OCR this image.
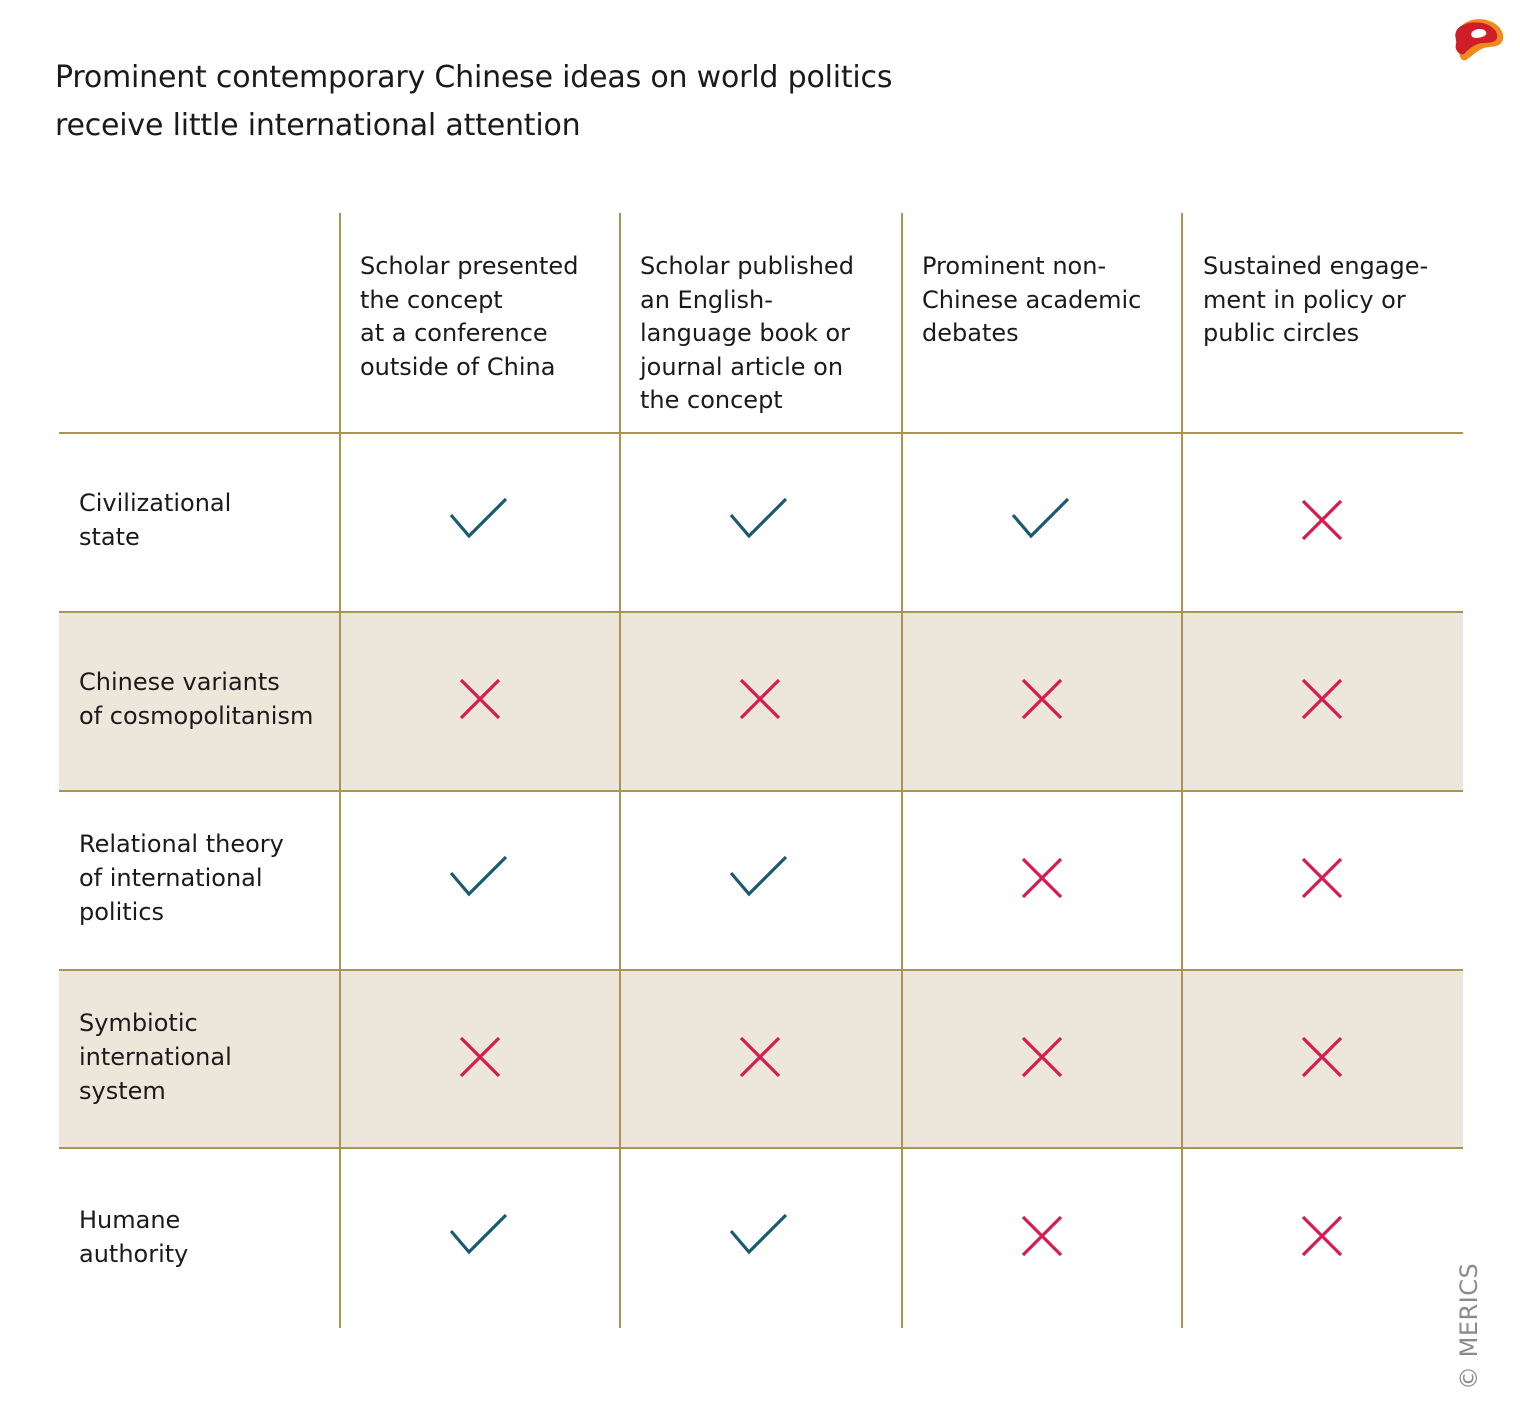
Prominent contemporary Chinese ideas on world politics
receive little international attention
Scholar presented
the concept
at a conference
outside of China
Scholar published
an English-
language book or
journal article on
the concept
Prominent non-
Chinese academic
debates
Sustained engage-
ment in policy or
public circles
Civilizational
state
Chinese variants
of cosmopolitanism
Relational theory
of international
politics
Symbiotic
international
system
Humane
authority
© MERICS
